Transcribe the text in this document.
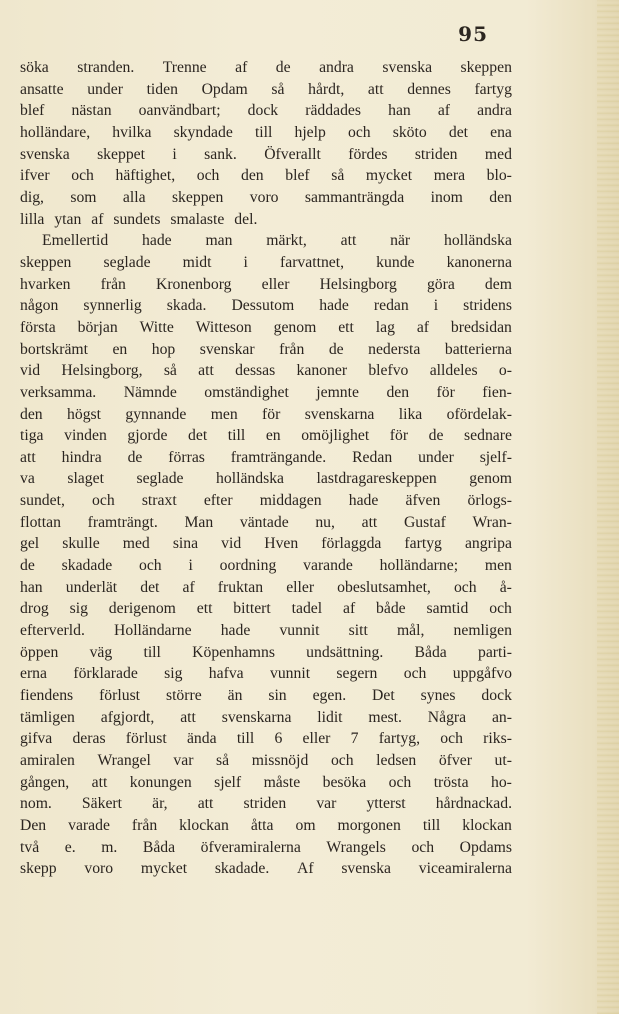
95
söka stranden. Trenne af de andra svenska skeppen
ansatte under tiden Opdam så hårdt, att dennes fartyg
blef nästan oanvändbart; dock räddades han af andra
holländare, hvilka skyndade till hjelp och sköto det ena
svenska skeppet i sank. Öfverallt fördes striden med
ifver och häftighet, och den blef så mycket mera blo-
dig, som alla skeppen voro sammanträngda inom den
lilla ytan af sundets smalaste del.
Emellertid hade man märkt, att när holländska
skeppen seglade midt i farvattnet, kunde kanonerna
hvarken från Kronenborg eller Helsingborg göra dem
någon synnerlig skada. Dessutom hade redan i stridens
första början Witte Witteson genom ett lag af bredsidan
bortskrämt en hop svenskar från de nedersta batterierna
vid Helsingborg, så att dessas kanoner blefvo alldeles o-
verksamma. Nämnde omständighet jemnte den för fien-
den högst gynnande men för svenskarna lika ofördelak-
tiga vinden gjorde det till en omöjlighet för de sednare
att hindra de förras framträngande. Redan under sjelf-
va slaget seglade holländska lastdragareskeppen genom
sundet, och straxt efter middagen hade äfven örlogs-
flottan framträngt. Man väntade nu, att Gustaf Wran-
gel skulle med sina vid Hven förlaggda fartyg angripa
de skadade och i oordning varande holländarne; men
han underlät det af fruktan eller obeslutsamhet, och å-
drog sig derigenom ett bittert tadel af både samtid och
efterverld. Holländarne hade vunnit sitt mål, nemligen
öppen väg till Köpenhamns undsättning. Båda parti-
erna förklarade sig hafva vunnit segern och uppgåfvo
fiendens förlust större än sin egen. Det synes dock
tämligen afgjordt, att svenskarna lidit mest. Några an-
gifva deras förlust ända till 6 eller 7 fartyg, och riks-
amiralen Wrangel var så missnöjd och ledsen öfver ut-
gången, att konungen sjelf måste besöka och trösta ho-
nom. Säkert är, att striden var ytterst hårdnackad.
Den varade från klockan åtta om morgonen till klockan
två e. m. Båda öfveramiralerna Wrangels och Opdams
skepp voro mycket skadade. Af svenska viceamiralerna
